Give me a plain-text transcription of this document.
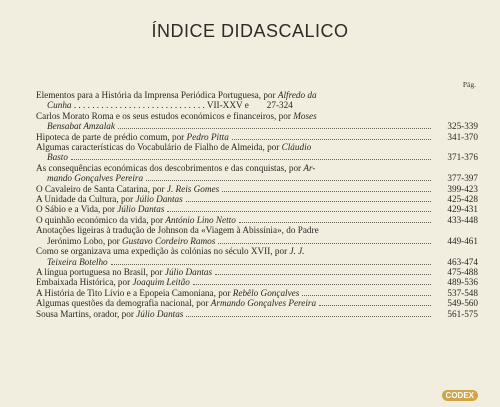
ÍNDICE DIDASCALICO
Pág.
Elementos para a História da Imprensa Periódica Portuguesa, por Alfredo da
Cunha . . . . . . . . . . . . . . . . . . . . . . . . . . . . . VII-XXV e	27-324
Carlos Morato Roma e os seus estudos económicos e financeiros, por Moses
Bensabat Amzalak	325-339
Hipoteca de parte de prédio comum, por Pedro Pitta	341-370
Algumas características do Vocabulário de Fialho de Almeida, por Cláudio
Basto	371-376
As consequências económicas dos descobrimentos e das conquistas, por Ar-
mando Gonçalves Pereira	377-397
O Cavaleiro de Santa Catarina, por J. Reis Gomes	399-423
A Unidade da Cultura, por Júlio Dantas	425-428
O Sábio e a Vida, por Júlio Dantas	429-431
O quinhão económico da vida, por António Lino Netto	433-448
Anotações ligeiras à tradução de Johnson da «Viagem à Abissínia», do Padre
Jerónimo Lobo, por Gustavo Cordeiro Ramos	449-461
Como se organizava uma expedição às colónias no século XVII, por J. J.
Teixeira Botelho	463-474
A língua portuguesa no Brasil, por Júlio Dantas	475-488
Embaixada Histórica, por Joaquim Leitão	489-536
A História de Tito Lívio e a Epopeia Camoniana, por Rebêlo Gonçalves	537-548
Algumas questões da demografia nacional, por Armando Gonçalves Pereira	549-560
Sousa Martins, orador, por Júlio Dantas	561-575
CODEX
